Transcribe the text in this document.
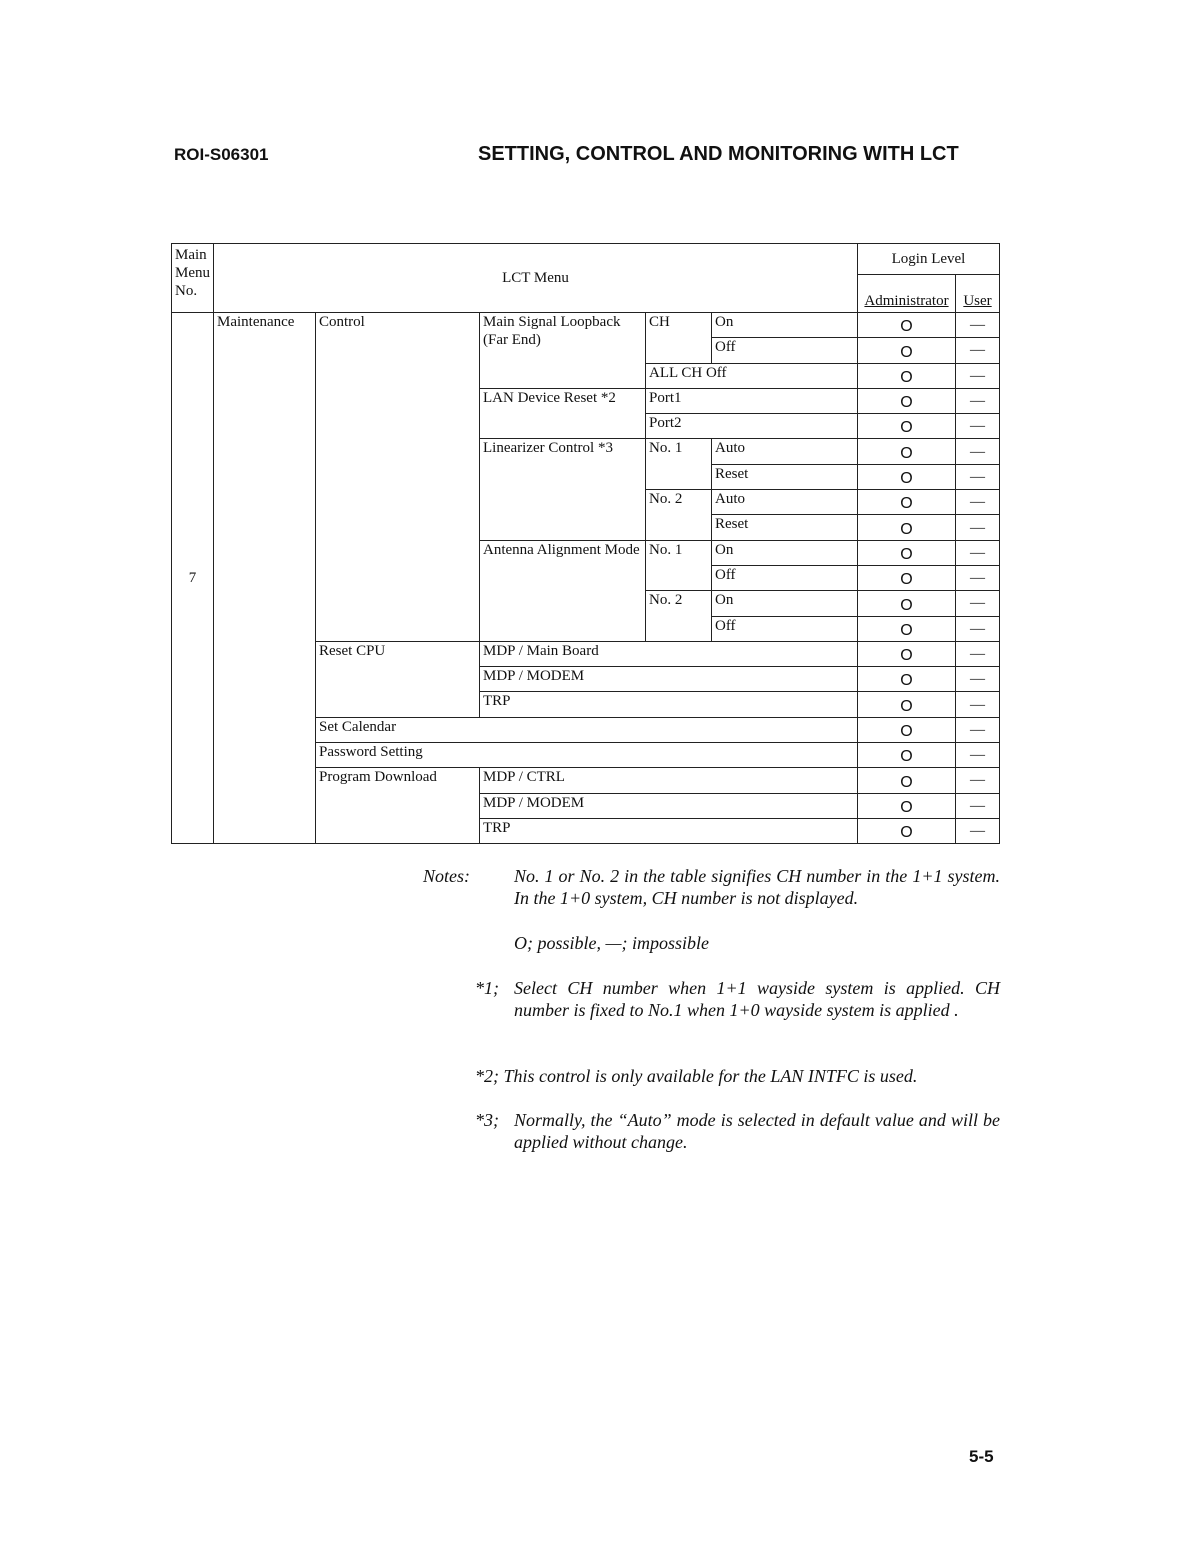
ROI-S06301	SETTING, CONTROL AND MONITORING WITH LCT
Main Menu No.	LCT Menu					Login Level	
						Administrator	User
7	Maintenance	Control	Main Signal Loopback (Far End)	CH	On	O	—
					Off	O	—
				ALL CH Off		O	—
			LAN Device Reset *2	Port1		O	—
				Port2		O	—
			Linearizer Control *3	No. 1	Auto	O	—
					Reset	O	—
				No. 2	Auto	O	—
					Reset	O	—
			Antenna Alignment Mode	No. 1	On	O	—
					Off	O	—
				No. 2	On	O	—
					Off	O	—
		Reset CPU	MDP / Main Board			O	—
			MDP / MODEM			O	—
			TRP			O	—
		Set Calendar				O	—
		Password Setting				O	—
		Program Download	MDP / CTRL			O	—
			MDP / MODEM			O	—
			TRP			O	—
Notes: No. 1 or No. 2 in the table signifies CH number in the 1+1 system. In the 1+0 system, CH number is not displayed.
O; possible, —; impossible
*1; Select CH number when 1+1 wayside system is applied. CH number is fixed to No.1 when 1+0 wayside system is applied .
*2; This control is only available for the LAN INTFC is used.
*3; Normally, the “Auto” mode is selected in default value and will be applied without change.
5-5
